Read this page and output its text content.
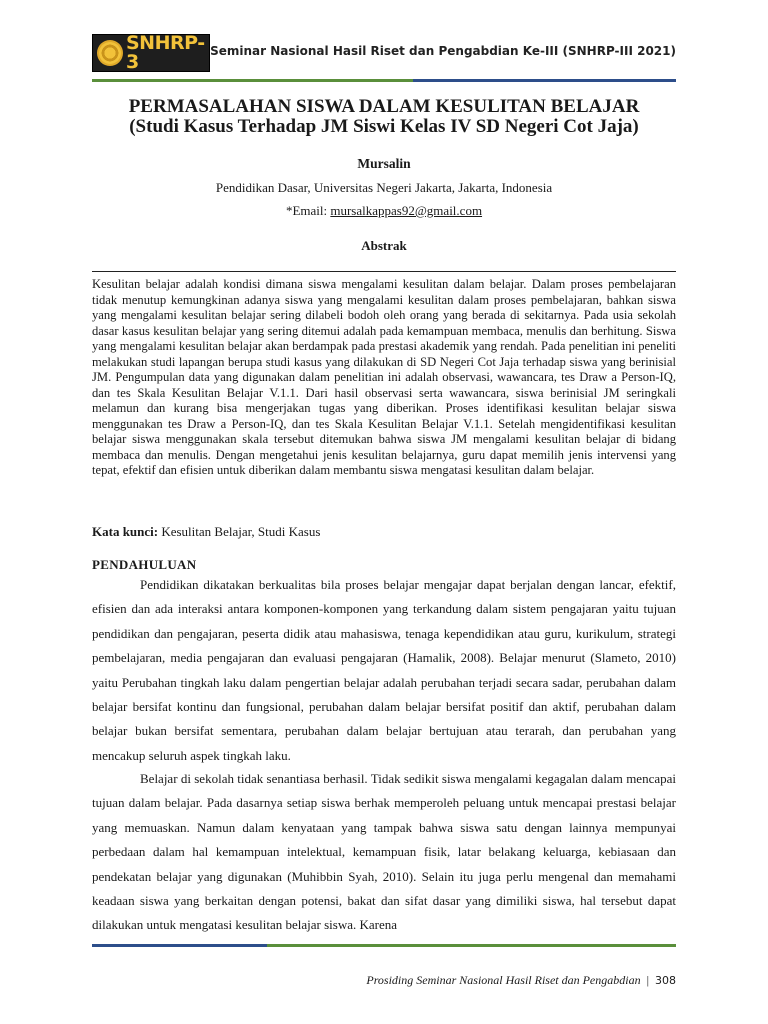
SNHRP-3	Seminar Nasional Hasil Riset dan Pengabdian Ke-III (SNHRP-III 2021)
PERMASALAHAN SISWA DALAM KESULITAN BELAJAR
(Studi Kasus Terhadap JM Siswi Kelas IV SD Negeri Cot Jaja)
Mursalin
Pendidikan Dasar, Universitas Negeri Jakarta, Jakarta, Indonesia
*Email: mursalkappas92@gmail.com
Abstrak
Kesulitan belajar adalah kondisi dimana siswa mengalami kesulitan dalam belajar. Dalam proses pembelajaran tidak menutup kemungkinan adanya siswa yang mengalami kesulitan dalam proses pembelajaran, bahkan siswa yang mengalami kesulitan belajar sering dilabeli bodoh oleh orang yang berada di sekitarnya. Pada usia sekolah dasar kasus kesulitan belajar yang sering ditemui adalah pada kemampuan membaca, menulis dan berhitung. Siswa yang mengalami kesulitan belajar akan berdampak pada prestasi akademik yang rendah. Pada penelitian ini peneliti melakukan studi lapangan berupa studi kasus yang dilakukan di SD Negeri Cot Jaja terhadap siswa yang berinisial JM. Pengumpulan data yang digunakan dalam penelitian ini adalah observasi, wawancara, tes Draw a Person-IQ, dan tes Skala Kesulitan Belajar V.1.1. Dari hasil observasi serta wawancara, siswa berinisial JM seringkali melamun dan kurang bisa mengerjakan tugas yang diberikan. Proses identifikasi kesulitan belajar siswa menggunakan tes Draw a Person-IQ, dan tes Skala Kesulitan Belajar V.1.1. Setelah mengidentifikasi kesulitan belajar siswa menggunakan skala tersebut ditemukan bahwa siswa JM mengalami kesulitan belajar di bidang membaca dan menulis. Dengan mengetahui jenis kesulitan belajarnya, guru dapat memilih jenis intervensi yang tepat, efektif dan efisien untuk diberikan dalam membantu siswa mengatasi kesulitan dalam belajar.
Kata kunci: Kesulitan Belajar, Studi Kasus
PENDAHULUAN
Pendidikan dikatakan berkualitas bila proses belajar mengajar dapat berjalan dengan lancar, efektif, efisien dan ada interaksi antara komponen-komponen yang terkandung dalam sistem pengajaran yaitu tujuan pendidikan dan pengajaran, peserta didik atau mahasiswa, tenaga kependidikan atau guru, kurikulum, strategi pembelajaran, media pengajaran dan evaluasi pengajaran (Hamalik, 2008). Belajar menurut (Slameto, 2010) yaitu Perubahan tingkah laku dalam pengertian belajar adalah perubahan terjadi secara sadar, perubahan dalam belajar bersifat kontinu dan fungsional, perubahan dalam belajar bersifat positif dan aktif, perubahan dalam belajar bukan bersifat sementara, perubahan dalam belajar bertujuan atau terarah, dan perubahan yang mencakup seluruh aspek tingkah laku.
Belajar di sekolah tidak senantiasa berhasil. Tidak sedikit siswa mengalami kegagalan dalam mencapai tujuan dalam belajar. Pada dasarnya setiap siswa berhak memperoleh peluang untuk mencapai prestasi belajar yang memuaskan. Namun dalam kenyataan yang tampak bahwa siswa satu dengan lainnya mempunyai perbedaan dalam hal kemampuan intelektual, kemampuan fisik, latar belakang keluarga, kebiasaan dan pendekatan belajar yang digunakan (Muhibbin Syah, 2010). Selain itu juga perlu mengenal dan memahami keadaan siswa yang berkaitan dengan potensi, bakat dan sifat dasar yang dimiliki siswa, hal tersebut dapat dilakukan untuk mengatasi kesulitan belajar siswa. Karena
Prosiding Seminar Nasional Hasil Riset dan Pengabdian | 308
